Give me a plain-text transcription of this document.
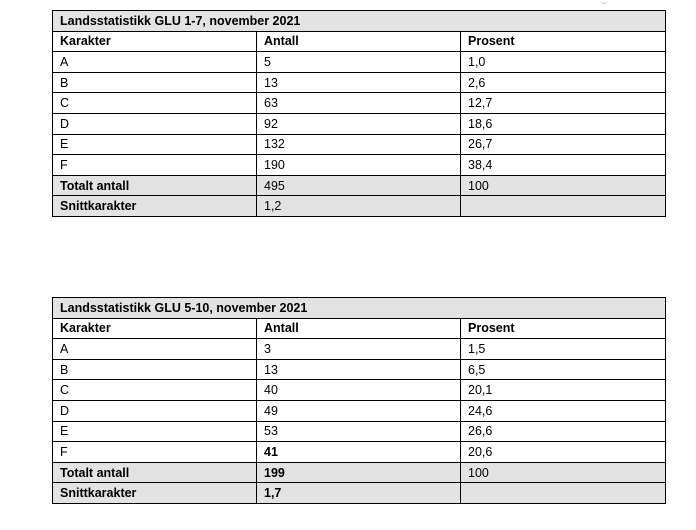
Landsstatistikk GLU 1-7, november 2021		
Karakter	Antall	Prosent
A	5	1,0
B	13	2,6
C	63	12,7
D	92	18,6
E	132	26,7
F	190	38,4
Totalt antall	495	100
Snittkarakter	1,2	
Landsstatistikk GLU 5-10, november 2021		
Karakter	Antall	Prosent
A	3	1,5
B	13	6,5
C	40	20,1
D	49	24,6
E	53	26,6
F	41	20,6
Totalt antall	199	100
Snittkarakter	1,7	
